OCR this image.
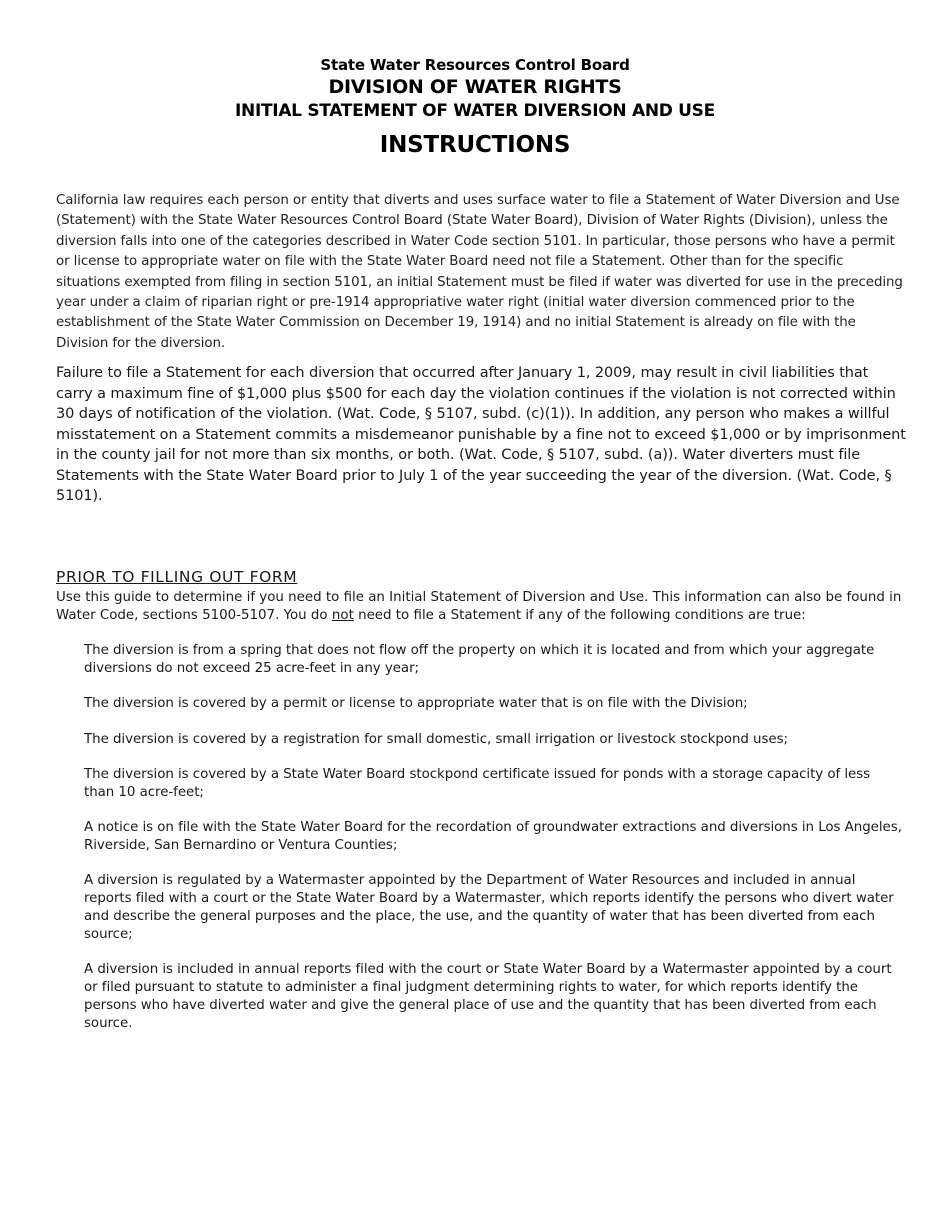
State Water Resources Control Board
DIVISION OF WATER RIGHTS
INITIAL STATEMENT OF WATER DIVERSION AND USE
INSTRUCTIONS

California law requires each person or entity that diverts and uses surface water to file a Statement of Water Diversion and Use (Statement) with the State Water Resources Control Board (State Water Board), Division of Water Rights (Division), unless the diversion falls into one of the categories described in Water Code section 5101. In particular, those persons who have a permit or license to appropriate water on file with the State Water Board need not file a Statement. Other than for the specific situations exempted from filing in section 5101, an initial Statement must be filed if water was diverted for use in the preceding year under a claim of riparian right or pre-1914 appropriative water right (initial water diversion commenced prior to the establishment of the State Water Commission on December 19, 1914) and no initial Statement is already on file with the Division for the diversion.

Failure to file a Statement for each diversion that occurred after January 1, 2009, may result in civil liabilities that carry a maximum fine of $1,000 plus $500 for each day the violation continues if the violation is not corrected within 30 days of notification of the violation. (Wat. Code, § 5107, subd. (c)(1)). In addition, any person who makes a willful misstatement on a Statement commits a misdemeanor punishable by a fine not to exceed $1,000 or by imprisonment in the county jail for not more than six months, or both. (Wat. Code, § 5107, subd. (a)). Water diverters must file Statements with the State Water Board prior to July 1 of the year succeeding the year of the diversion. (Wat. Code, § 5101).

PRIOR TO FILLING OUT FORM

Use this guide to determine if you need to file an Initial Statement of Diversion and Use. This information can also be found in Water Code, sections 5100-5107. You do not need to file a Statement if any of the following conditions are true:

The diversion is from a spring that does not flow off the property on which it is located and from which your aggregate diversions do not exceed 25 acre-feet in any year;
The diversion is covered by a permit or license to appropriate water that is on file with the Division;
The diversion is covered by a registration for small domestic, small irrigation or livestock stockpond uses;
The diversion is covered by a State Water Board stockpond certificate issued for ponds with a storage capacity of less than 10 acre-feet;
A notice is on file with the State Water Board for the recordation of groundwater extractions and diversions in Los Angeles, Riverside, San Bernardino or Ventura Counties;
A diversion is regulated by a Watermaster appointed by the Department of Water Resources and included in annual reports filed with a court or the State Water Board by a Watermaster, which reports identify the persons who divert water and describe the general purposes and the place, the use, and the quantity of water that has been diverted from each source;
A diversion is included in annual reports filed with the court or State Water Board by a Watermaster appointed by a court or filed pursuant to statute to administer a final judgment determining rights to water, for which reports identify the persons who have diverted water and give the general place of use and the quantity that has been diverted from each source.
